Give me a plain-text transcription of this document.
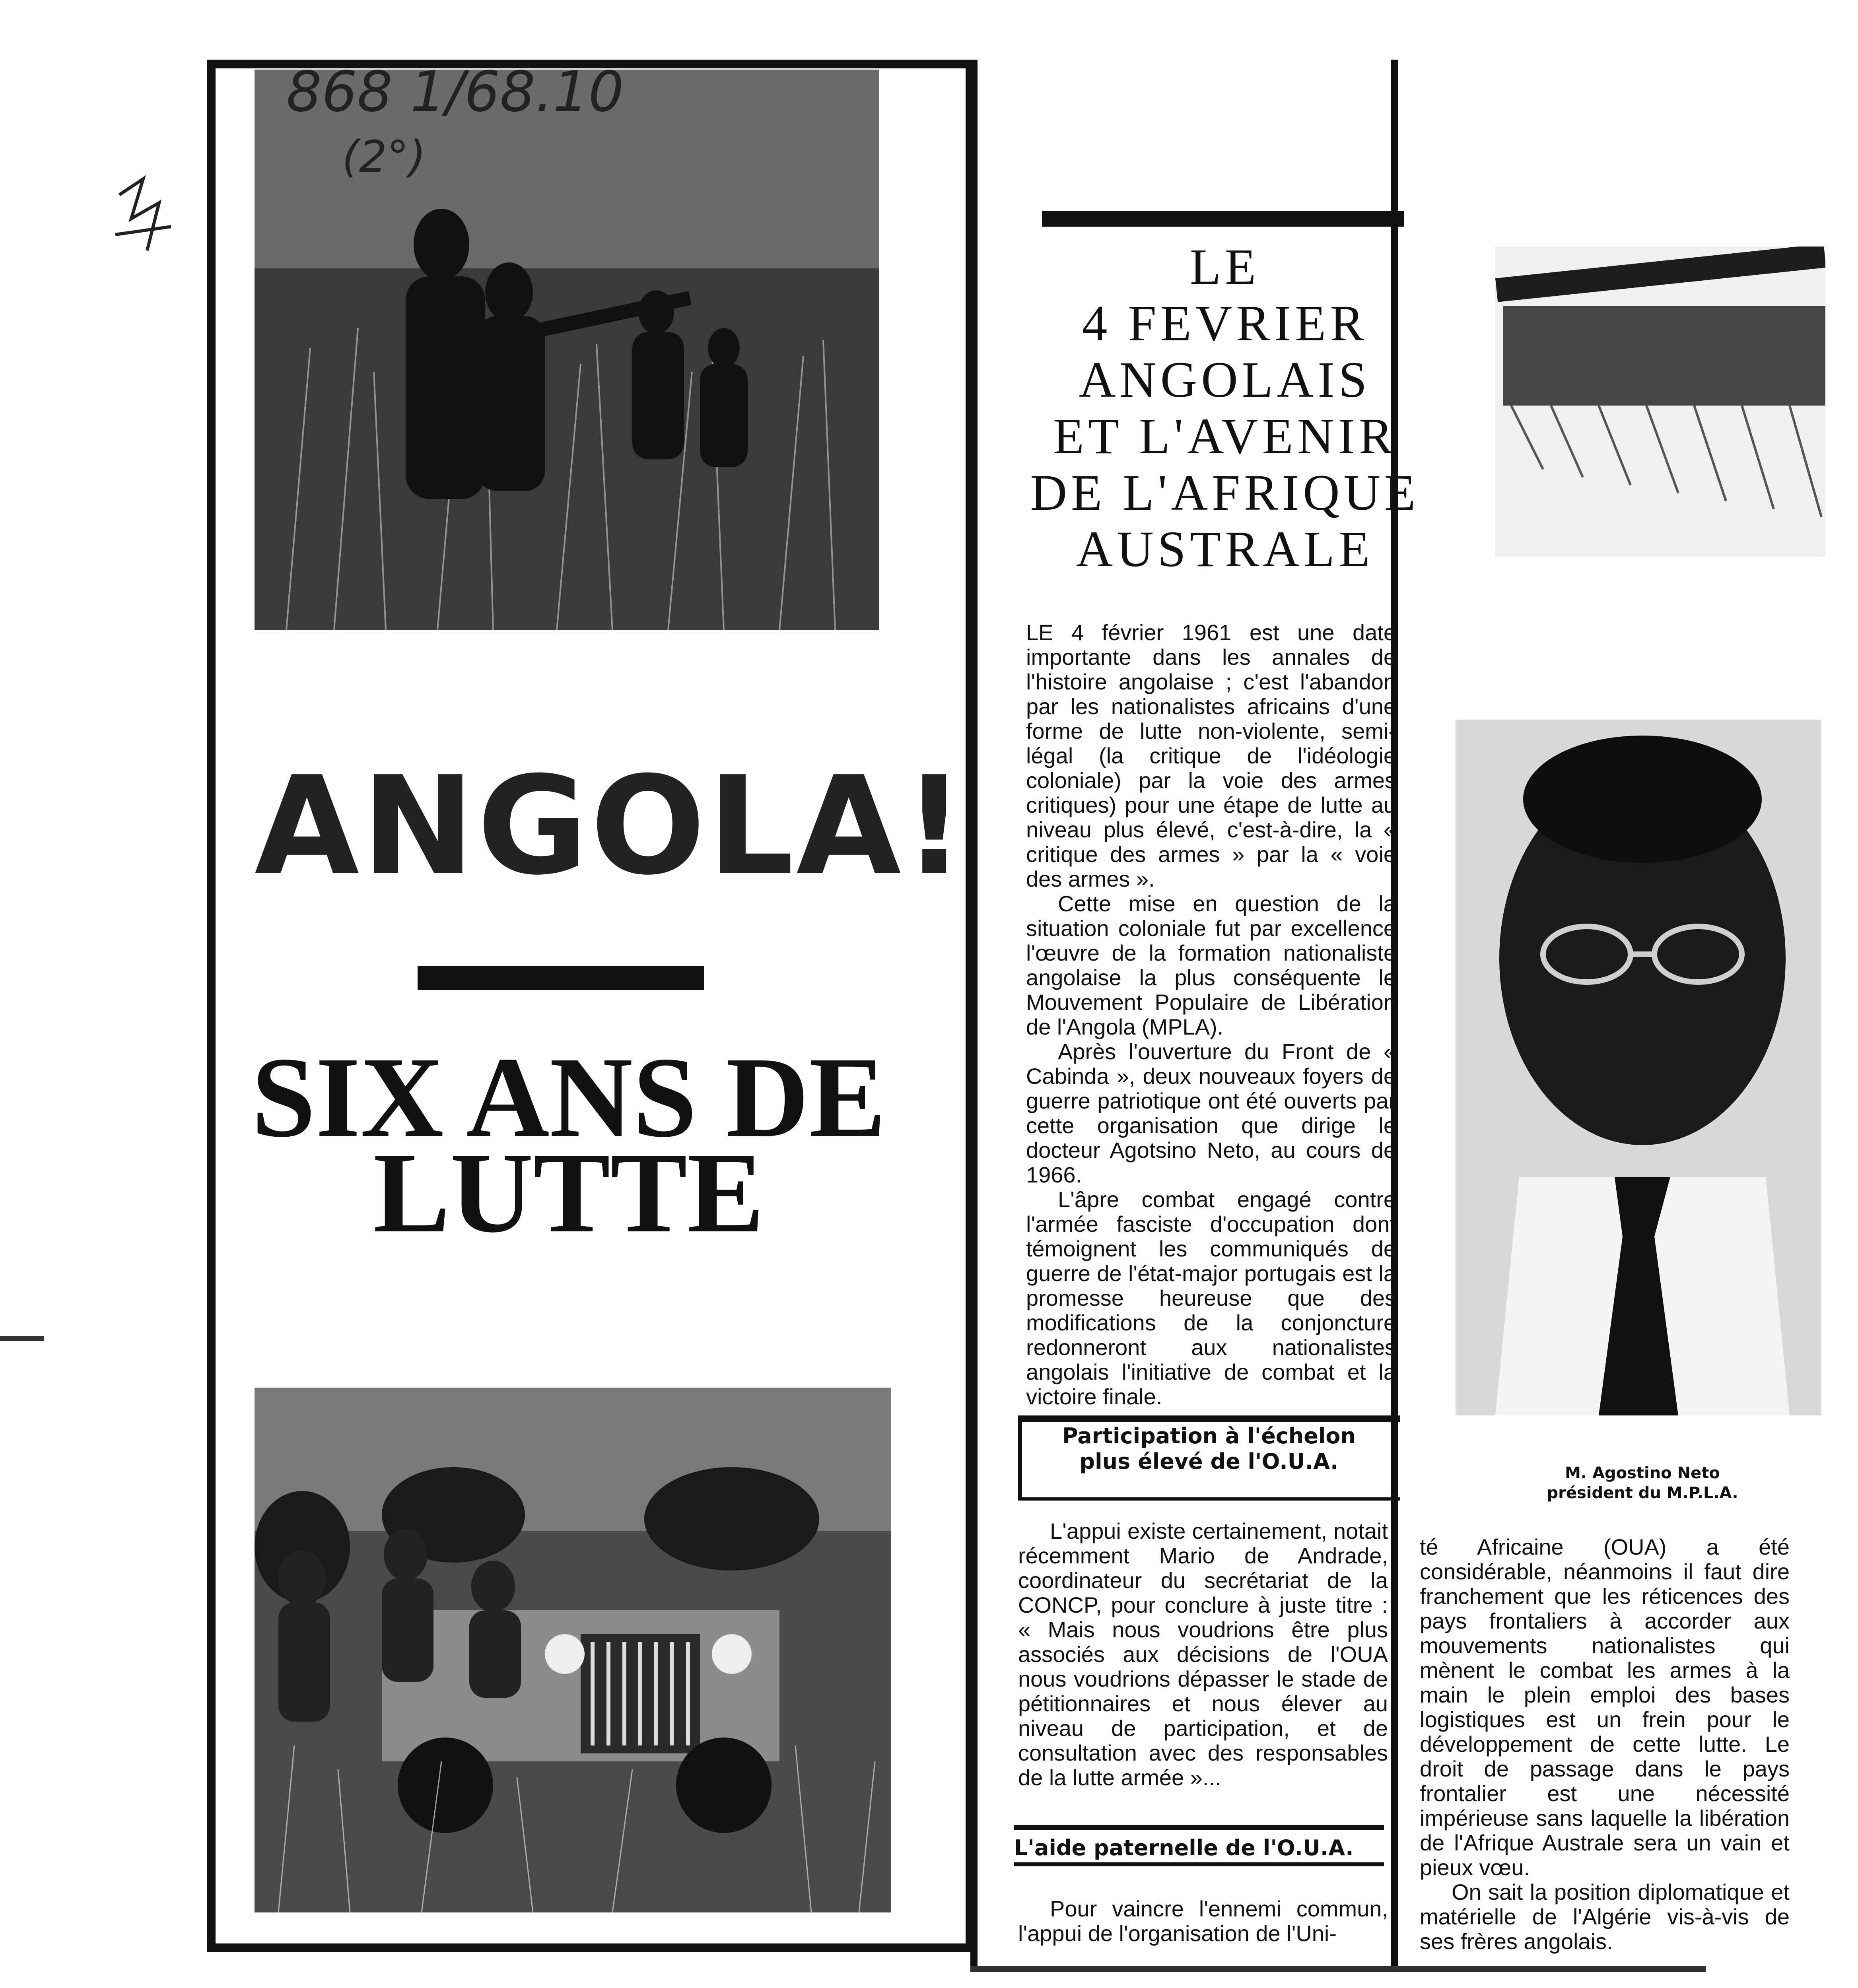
868 1/68.10
(2°)
ANGOLA!
SIX ANS DE
LUTTE
LE
4 FEVRIER
ANGOLAIS
ET L'AVENIR
DE L'AFRIQUE
AUSTRALE

LE 4 février 1961 est une date importante dans les annales de l'histoire angolaise ; c'est l'abandon par les nationalistes africains d'une forme de lutte non-violente, semi-légal (la critique de l'idéologie coloniale) par la voie des armes critiques) pour une étape de lutte au niveau plus élevé, c'est-à-dire, la « critique des armes » par la « voie des armes ».

Cette mise en question de la situation coloniale fut par excellence l'œuvre de la formation nationaliste angolaise la plus conséquente le Mouvement Populaire de Libération de l'Angola (MPLA).

Après l'ouverture du Front de « Cabinda », deux nouveaux foyers de guerre patriotique ont été ouverts par cette organisation que dirige le docteur Agotsino Neto, au cours de 1966.

L'âpre combat engagé contre l'armée fasciste d'occupation dont témoignent les communiqués de guerre de l'état-major portugais est la promesse heureuse que des modifications de la conjoncture redonneront aux nationalistes angolais l'initiative de combat et la victoire finale.

Participation à l'échelon
plus élevé de l'O.U.A.

L'appui existe certainement, notait récemment Mario de Andrade, coordinateur du secrétariat de la CONCP, pour conclure à juste titre : « Mais nous voudrions être plus associés aux décisions de l'OUA nous voudrions dépasser le stade de pétitionnaires et nous élever au niveau de participation, et de consultation avec des responsables de la lutte armée »...

L'aide paternelle de l'O.U.A.

Pour vaincre l'ennemi commun, l'appui de l'organisation de l'Uni-

M. Agostino Neto
président du M.P.L.A.

té Africaine (OUA) a été considérable, néanmoins il faut dire franchement que les réticences des pays frontaliers à accorder aux mouvements nationalistes qui mènent le combat les armes à la main le plein emploi des bases logistiques est un frein pour le développement de cette lutte. Le droit de passage dans le pays frontalier est une nécessité impérieuse sans laquelle la libération de l'Afrique Australe sera un vain et pieux vœu.

On sait la position diplomatique et matérielle de l'Algérie vis-à-vis de ses frères angolais.
